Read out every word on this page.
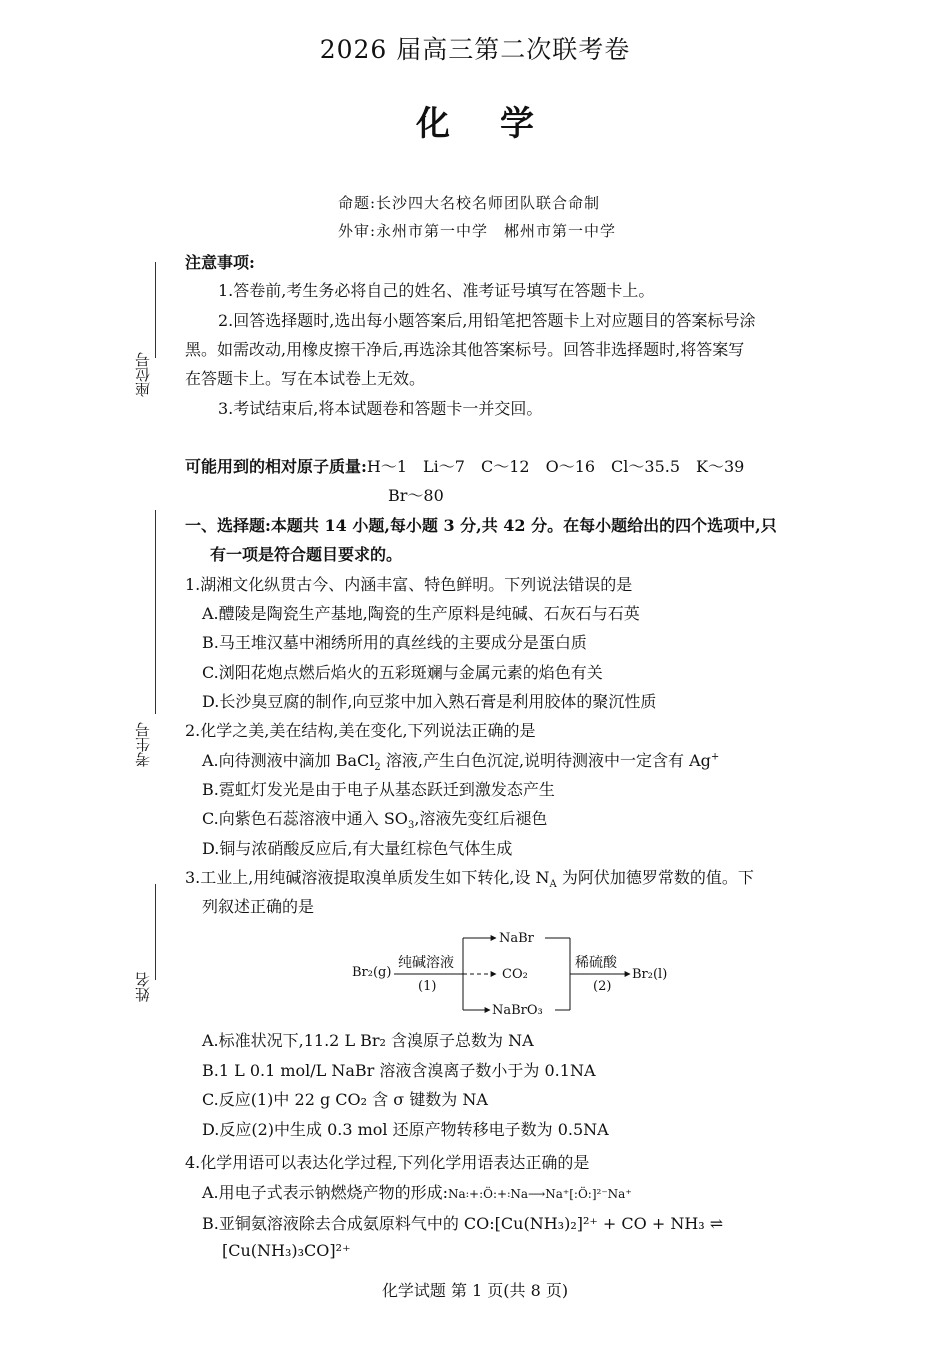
2026 届高三第二次联考卷
化学
命题:长沙四大名校名师团队联合命制
外审:永州市第一中学　郴州市第一中学
座位号
考生号
姓名
注意事项:
1.答卷前,考生务必将自己的姓名、准考证号填写在答题卡上。
2.回答选择题时,选出每小题答案后,用铅笔把答题卡上对应题目的答案标号涂
黑。如需改动,用橡皮擦干净后,再选涂其他答案标号。回答非选择题时,将答案写
在答题卡上。写在本试卷上无效。
3.考试结束后,将本试题卷和答题卡一并交回。
可能用到的相对原子质量:H～1　Li～7　C～12　O～16　Cl～35.5　K～39
Br～80
一、选择题:本题共 14 小题,每小题 3 分,共 42 分。在每小题给出的四个选项中,只
有一项是符合题目要求的。
1.湖湘文化纵贯古今、内涵丰富、特色鲜明。下列说法错误的是
A.醴陵是陶瓷生产基地,陶瓷的生产原料是纯碱、石灰石与石英
B.马王堆汉墓中湘绣所用的真丝线的主要成分是蛋白质
C.浏阳花炮点燃后焰火的五彩斑斓与金属元素的焰色有关
D.长沙臭豆腐的制作,向豆浆中加入熟石膏是利用胶体的聚沉性质
2.化学之美,美在结构,美在变化,下列说法正确的是
A.向待测液中滴加 BaCl$_2$ 溶液,产生白色沉淀,说明待测液中一定含有 Ag+
B.霓虹灯发光是由于电子从基态跃迁到激发态产生
C.向紫色石蕊溶液中通入 $SO_3$,溶液先变红后褪色
D.铜与浓硝酸反应后,有大量红棕色气体生成
3.工业上,用纯碱溶液提取溴单质发生如下转化,设 $N_A$ 为阿伏加德罗常数的值。下
列叙述正确的是
Br₂(g)
纯碱溶液
(1)
NaBr
CO₂
NaBrO₃
稀硫酸
(2)
Br₂(l)
A.标准状况下,11.2 L Br₂ 含溴原子总数为 NA
B.1 L 0.1 mol/L NaBr 溶液含溴离子数小于为 0.1NA
C.反应(1)中 22 g CO₂ 含 σ 键数为 NA
D.反应(2)中生成 0.3 mol 还原产物转移电子数为 0.5NA
4.化学用语可以表达化学过程,下列化学用语表达正确的是
A.用电子式表示钠燃烧产物的形成:Na꞉+:Ö:+꞉Na⟶Na⁺[:Ö:]²⁻Na⁺
B.亚铜氨溶液除去合成氨原料气中的 CO:[Cu(NH₃)₂]²⁺ + CO + NH₃ ⇌
[Cu(NH₃)₃CO]²⁺
化学试题 第 1 页(共 8 页)
